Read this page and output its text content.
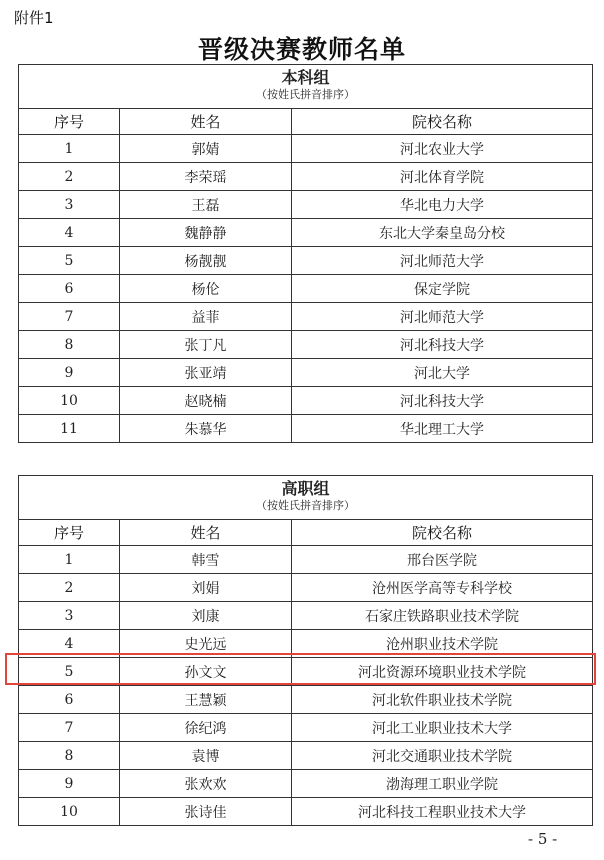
附件1
晋级决赛教师名单
本科组
（按姓氏拼音排序）		

序号	姓名	院校名称
1	郭婧	河北农业大学
2	李荣瑶	河北体育学院
3	王磊	华北电力大学
4	魏静静	东北大学秦皇岛分校
5	杨靓靓	河北师范大学
6	杨伦	保定学院
7	益菲	河北师范大学
8	张丁凡	河北科技大学
9	张亚靖	河北大学
10	赵晓楠	河北科技大学
11	朱慕华	华北理工大学
高职组
（按姓氏拼音排序）		

序号	姓名	院校名称
1	韩雪	邢台医学院
2	刘娟	沧州医学高等专科学校
3	刘康	石家庄铁路职业技术学院
4	史光远	沧州职业技术学院
5	孙文文	河北资源环境职业技术学院
6	王慧颖	河北软件职业技术学院
7	徐纪鸿	河北工业职业技术大学
8	袁博	河北交通职业技术学院
9	张欢欢	渤海理工职业学院
10	张诗佳	河北科技工程职业技术大学
- 5 -
